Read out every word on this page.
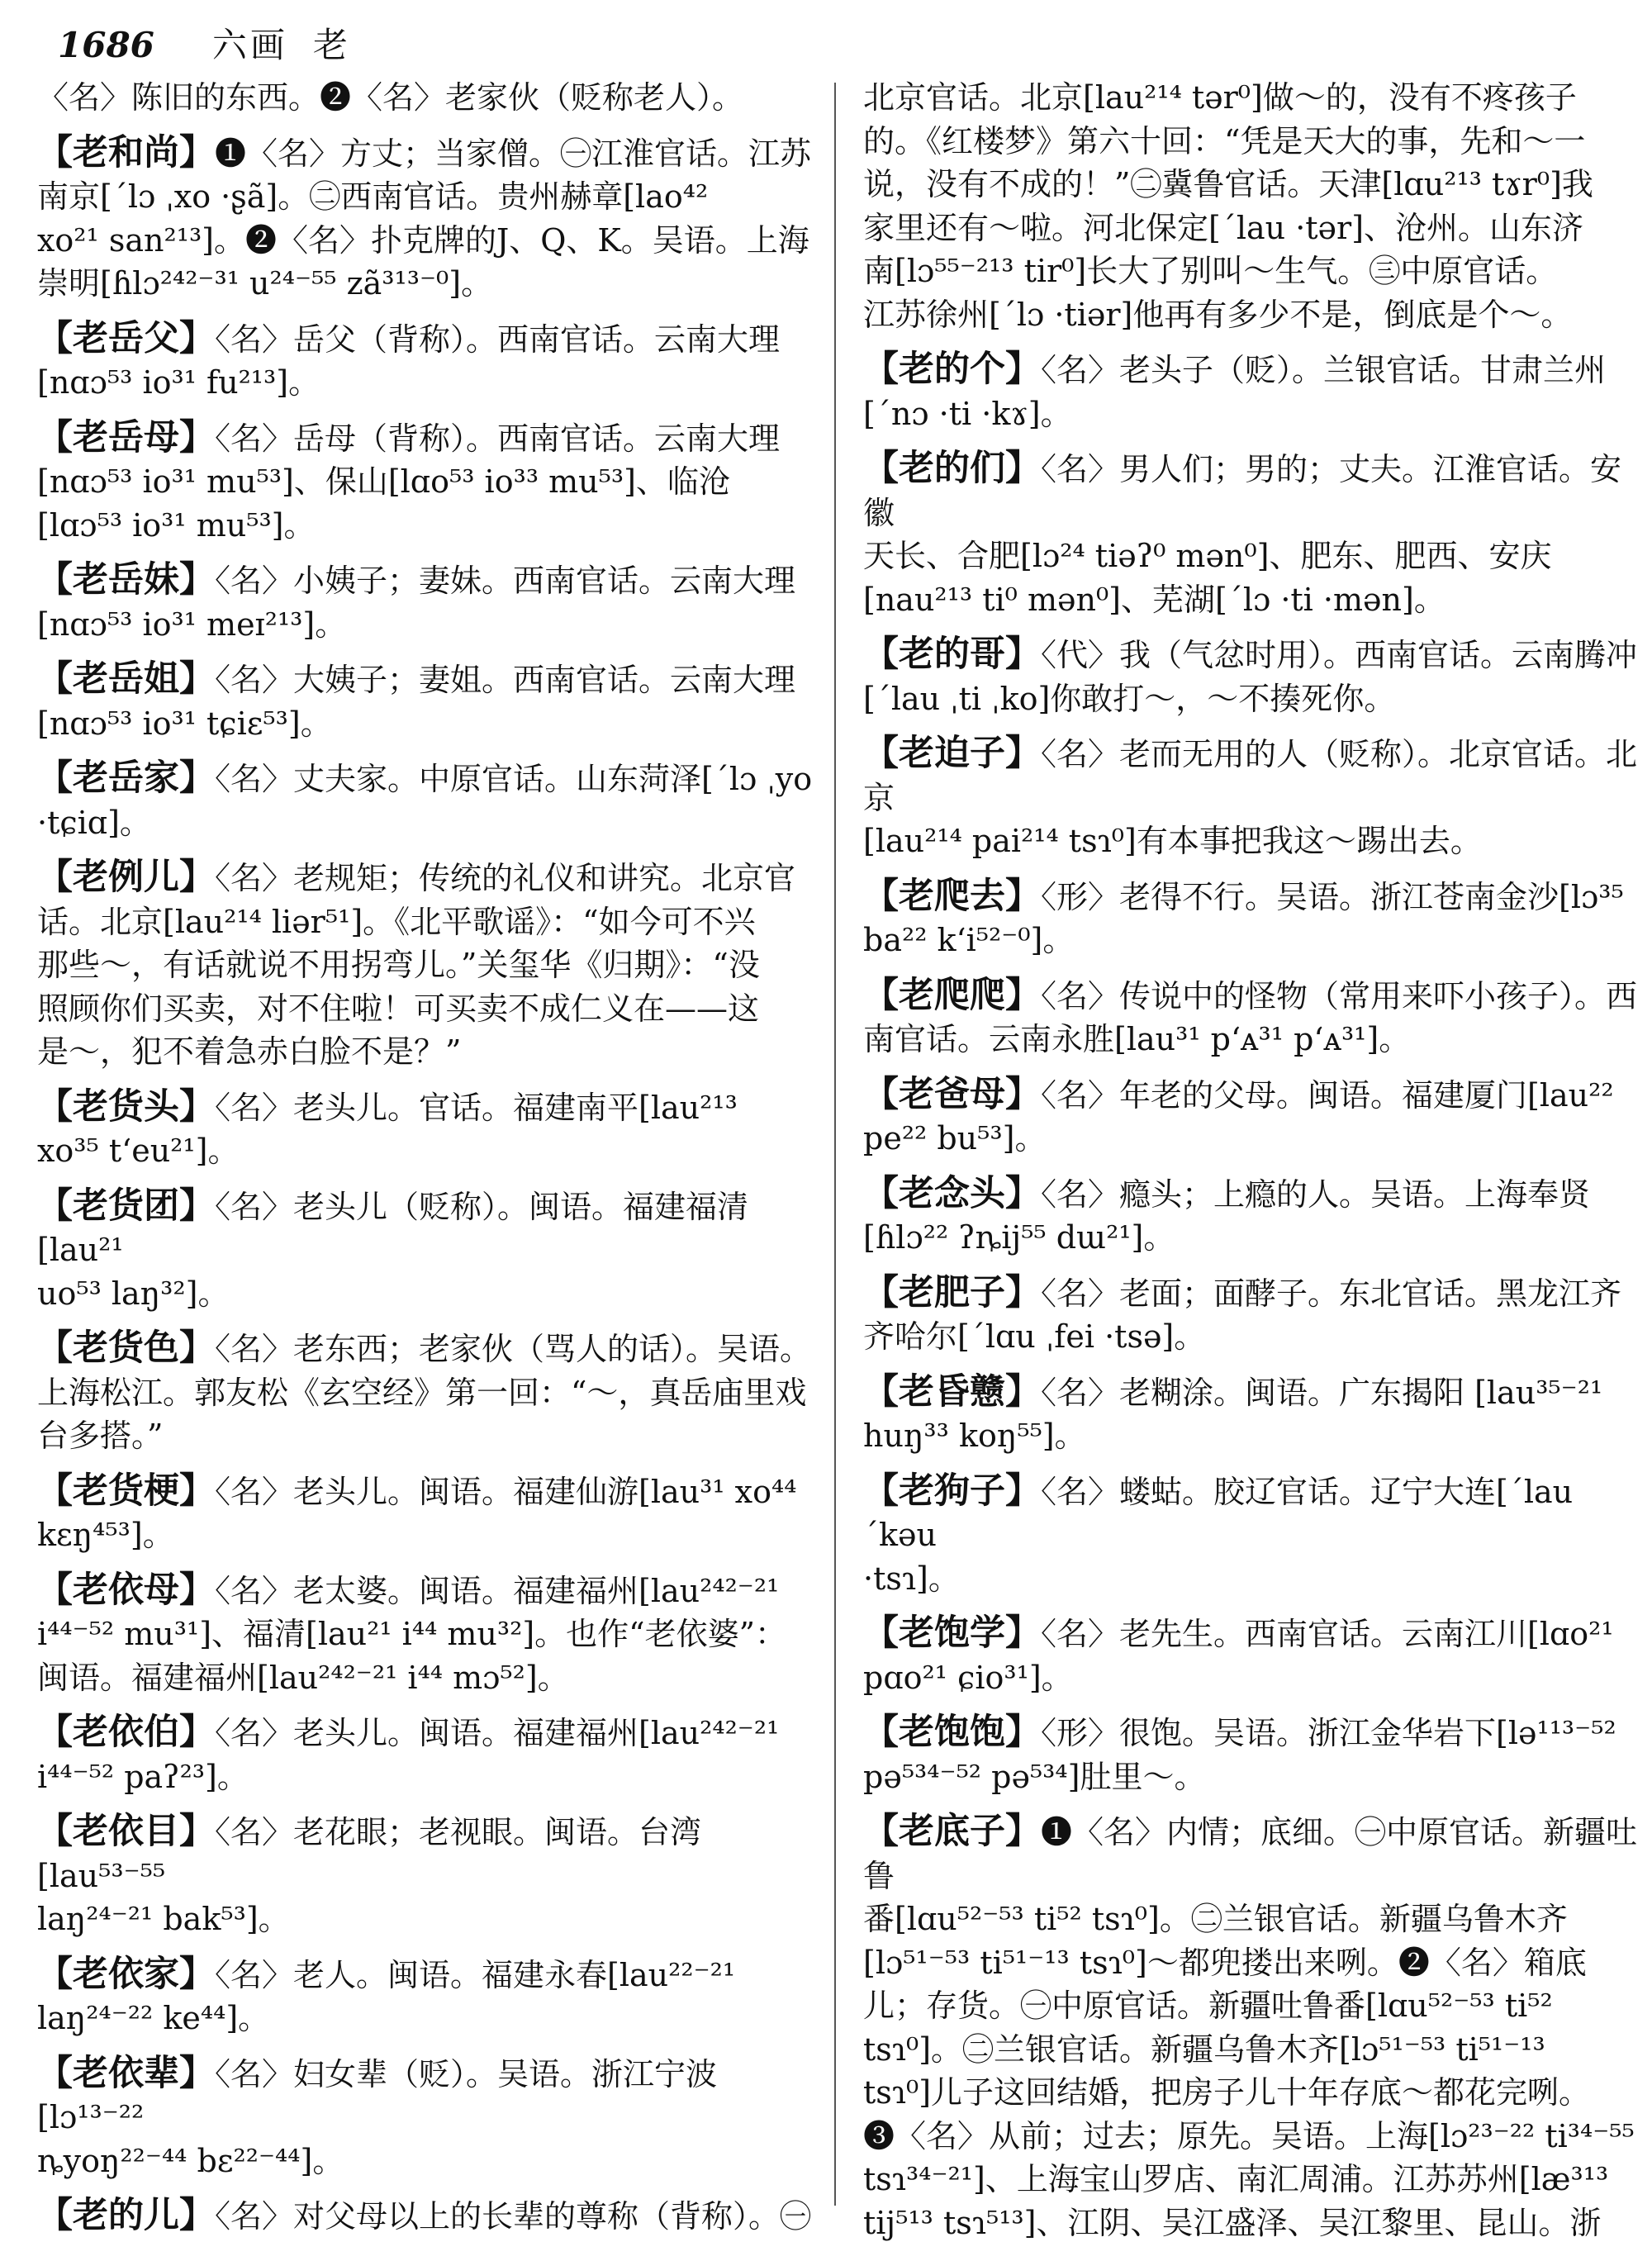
1686 六画 老

〈名〉陈旧的东西。❷〈名〉老家伙（贬称老人）。

【老和尚】❶〈名〉方丈；当家僧。㊀江淮官话。江苏
南京[ˊlɔ ˌxo ·ʂã]。㊁西南官话。贵州赫章[lao⁴²
xo²¹ san²¹³]。❷〈名〉扑克牌的J、Q、K。吴语。上海
崇明[ɦlɔ²⁴²⁻³¹ u²⁴⁻⁵⁵ zã³¹³⁻⁰]。

【老岳父】〈名〉岳父（背称）。西南官话。云南大理
[nɑɔ⁵³ io³¹ fu²¹³]。

【老岳母】〈名〉岳母（背称）。西南官话。云南大理
[nɑɔ⁵³ io³¹ mu⁵³]、保山[lɑo⁵³ io³³ mu⁵³]、临沧
[lɑɔ⁵³ io³¹ mu⁵³]。

【老岳妹】〈名〉小姨子；妻妹。西南官话。云南大理
[nɑɔ⁵³ io³¹ meɪ²¹³]。

【老岳姐】〈名〉大姨子；妻姐。西南官话。云南大理
[nɑɔ⁵³ io³¹ tɕiɛ⁵³]。

【老岳家】〈名〉丈夫家。中原官话。山东菏泽[ˊlɔ ˌyo
·tɕiɑ]。

【老例儿】〈名〉老规矩；传统的礼仪和讲究。北京官
话。北京[lau²¹⁴ liər⁵¹]。《北平歌谣》：“如今可不兴
那些～，有话就说不用拐弯儿。”关玺华《归期》：“没
照顾你们买卖，对不住啦！可买卖不成仁义在——这
是～，犯不着急赤白脸不是？”

【老货头】〈名〉老头儿。官话。福建南平[lau²¹³
xo³⁵ tʻeu²¹]。

【老货团】〈名〉老头儿（贬称）。闽语。福建福清[lau²¹
uo⁵³ laŋ³²]。

【老货色】〈名〉老东西；老家伙（骂人的话）。吴语。
上海松江。郭友松《玄空经》第一回：“～，真岳庙里戏
台多搭。”

【老货梗】〈名〉老头儿。闽语。福建仙游[lau³¹ xo⁴⁴
kɛŋ⁴⁵³]。

【老依母】〈名〉老太婆。闽语。福建福州[lau²⁴²⁻²¹
i⁴⁴⁻⁵² mu³¹]、福清[lau²¹ i⁴⁴ mu³²]。也作“老依婆”：
闽语。福建福州[lau²⁴²⁻²¹ i⁴⁴ mɔ⁵²]。

【老依伯】〈名〉老头儿。闽语。福建福州[lau²⁴²⁻²¹
i⁴⁴⁻⁵² paʔ²³]。

【老依目】〈名〉老花眼；老视眼。闽语。台湾[lau⁵³⁻⁵⁵
laŋ²⁴⁻²¹ bak⁵³]。

【老依家】〈名〉老人。闽语。福建永春[lau²²⁻²¹
laŋ²⁴⁻²² ke⁴⁴]。

【老依辈】〈名〉妇女辈（贬）。吴语。浙江宁波[lɔ¹³⁻²²
ȵyoŋ²²⁻⁴⁴ bɛ²²⁻⁴⁴]。

【老的儿】〈名〉对父母以上的长辈的尊称（背称）。㊀

北京官话。北京[lau²¹⁴ tər⁰]做～的，没有不疼孩子
的。《红楼梦》第六十回：“凭是天大的事，先和～一
说，没有不成的！”㊁冀鲁官话。天津[lɑu²¹³ tɤr⁰]我
家里还有～啦。河北保定[ˊlau ·tər]、沧州。山东济
南[lɔ⁵⁵⁻²¹³ tir⁰]长大了别叫～生气。㊂中原官话。
江苏徐州[ˊlɔ ·tiər]他再有多少不是，倒底是个～。

【老的个】〈名〉老头子（贬）。兰银官话。甘肃兰州
[ˊnɔ ·ti ·kɤ]。

【老的们】〈名〉男人们；男的；丈夫。江淮官话。安徽
天长、合肥[lɔ²⁴ tiəʔ⁰ mən⁰]、肥东、肥西、安庆
[nau²¹³ ti⁰ mən⁰]、芜湖[ˊlɔ ·ti ·mən]。

【老的哥】〈代〉我（气忿时用）。西南官话。云南腾冲
[ˊlau ˌti ˌko]你敢打～，～不揍死你。

【老迫子】〈名〉老而无用的人（贬称）。北京官话。北京
[lau²¹⁴ pai²¹⁴ tsɿ⁰]有本事把我这～踢出去。

【老爬去】〈形〉老得不行。吴语。浙江苍南金沙[lɔ³⁵
ba²² kʻi⁵²⁻⁰]。

【老爬爬】〈名〉传说中的怪物（常用来吓小孩子）。西
南官话。云南永胜[lau³¹ pʻᴀ³¹ pʻᴀ³¹]。

【老爸母】〈名〉年老的父母。闽语。福建厦门[lau²²
pe²² bu⁵³]。

【老念头】〈名〉瘾头；上瘾的人。吴语。上海奉贤
[ɦlɔ²² ʔȵij⁵⁵ dɯ²¹]。

【老肥子】〈名〉老面；面酵子。东北官话。黑龙江齐
齐哈尔[ˊlɑu ˌfei ·tsə]。

【老昏戆】〈名〉老糊涂。闽语。广东揭阳 [lau³⁵⁻²¹
huŋ³³ koŋ⁵⁵]。

【老狗子】〈名〉蝼蛄。胶辽官话。辽宁大连[ˊlau ˊkəu
·tsɿ]。

【老饱学】〈名〉老先生。西南官话。云南江川[lɑo²¹
pɑo²¹ ɕio³¹]。

【老饱饱】〈形〉很饱。吴语。浙江金华岩下[lə¹¹³⁻⁵²
pə⁵³⁴⁻⁵² pə⁵³⁴]肚里～。

【老底子】❶〈名〉内情；底细。㊀中原官话。新疆吐鲁
番[lɑu⁵²⁻⁵³ ti⁵² tsɿ⁰]。㊁兰银官话。新疆乌鲁木齐
[lɔ⁵¹⁻⁵³ ti⁵¹⁻¹³ tsɿ⁰]～都兜搂出来咧。❷〈名〉箱底
儿；存货。㊀中原官话。新疆吐鲁番[lɑu⁵²⁻⁵³ ti⁵²
tsɿ⁰]。㊁兰银官话。新疆乌鲁木齐[lɔ⁵¹⁻⁵³ ti⁵¹⁻¹³
tsɿ⁰]儿子这回结婚，把房子儿十年存底～都花完咧。
❸〈名〉从前；过去；原先。吴语。上海[lɔ²³⁻²² ti³⁴⁻⁵⁵
tsɿ³⁴⁻²¹]、上海宝山罗店、南汇周浦。江苏苏州[læ³¹³
tij⁵¹³ tsɿ⁵¹³]、江阴、吴江盛泽、吴江黎里、昆山。浙
